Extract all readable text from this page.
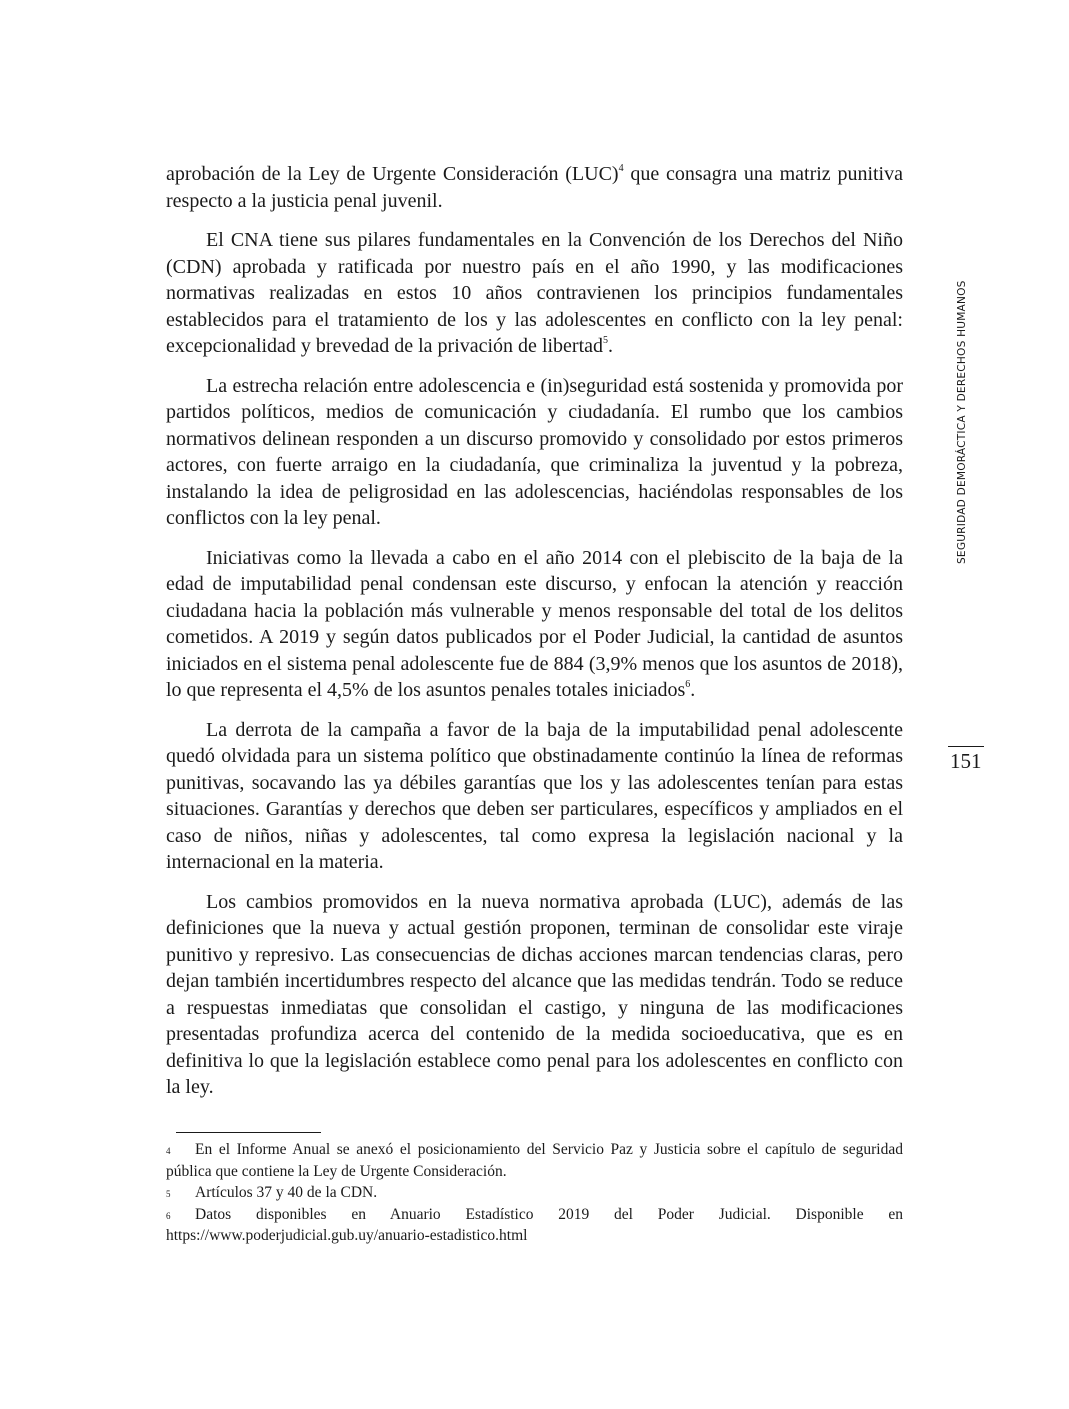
aprobación de la Ley de Urgente Consideración (LUC)$^4$ que consagra una matriz punitiva respecto a la justicia penal juvenil.

El CNA tiene sus pilares fundamentales en la Convención de los Derechos del Niño (CDN) aprobada y ratificada por nuestro país en el año 1990, y las modificaciones normativas realizadas en estos 10 años contravienen los principios fundamentales establecidos para el tratamiento de los y las adolescentes en conflicto con la ley penal: excepcionalidad y brevedad de la privación de libertad$^5$.

La estrecha relación entre adolescencia e (in)seguridad está sostenida y promovida por partidos políticos, medios de comunicación y ciudadanía. El rumbo que los cambios normativos delinean responden a un discurso promovido y consolidado por estos primeros actores, con fuerte arraigo en la ciudadanía, que criminaliza la juventud y la pobreza, instalando la idea de peligrosidad en las adolescencias, haciéndolas responsables de los conflictos con la ley penal.

Iniciativas como la llevada a cabo en el año 2014 con el plebiscito de la baja de la edad de imputabilidad penal condensan este discurso, y enfocan la atención y reacción ciudadana hacia la población más vulnerable y menos responsable del total de los delitos cometidos. A 2019 y según datos publicados por el Poder Judicial, la cantidad de asuntos iniciados en el sistema penal adolescente fue de 884 (3,9% menos que los asuntos de 2018), lo que representa el 4,5% de los asuntos penales totales iniciados$^6$.

La derrota de la campaña a favor de la baja de la imputabilidad penal adolescente quedó olvidada para un sistema político que obstinadamente continúo la línea de reformas punitivas, socavando las ya débiles garantías que los y las adolescentes tenían para estas situaciones. Garantías y derechos que deben ser particulares, específicos y ampliados en el caso de niños, niñas y adolescentes, tal como expresa la legislación nacional y la internacional en la materia.

Los cambios promovidos en la nueva normativa aprobada (LUC), además de las definiciones que la nueva y actual gestión proponen, terminan de consolidar este viraje punitivo y represivo. Las consecuencias de dichas acciones marcan tendencias claras, pero dejan también incertidumbres respecto del alcance que las medidas tendrán. Todo se reduce a respuestas inmediatas que consolidan el castigo, y ninguna de las modificaciones presentadas profundiza acerca del contenido de la medida socioeducativa, que es en definitiva lo que la legislación establece como penal para los adolescentes en conflicto con la ley.

SEGURIDAD DEMORÁCTICA Y DERECHOS HUMANOS
151

4 En el Informe Anual se anexó el posicionamiento del Servicio Paz y Justicia sobre el capítulo de seguridad pública que contiene la Ley de Urgente Consideración.

5 Artículos 37 y 40 de la CDN.

6 Datos disponibles en Anuario Estadístico 2019 del Poder Judicial. Disponible en https://www.poderjudicial.gub.uy/anuario-estadistico.html
